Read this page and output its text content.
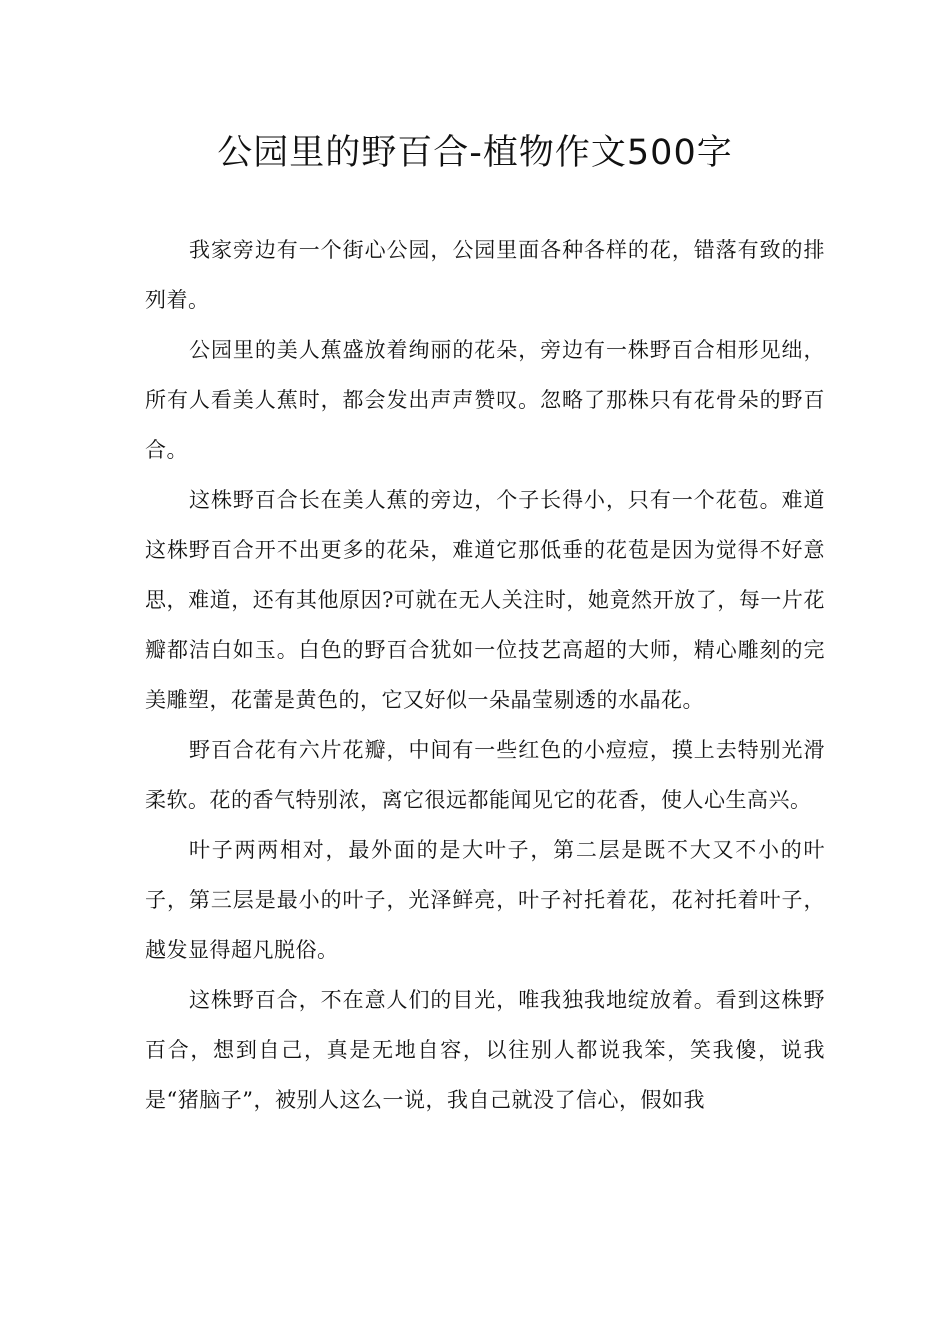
公园里的野百合-植物作文500字

我家旁边有一个街心公园，公园里面各种各样的花，错落有致的排列着。

公园里的美人蕉盛放着绚丽的花朵，旁边有一株野百合相形见绌，所有人看美人蕉时，都会发出声声赞叹。忽略了那株只有花骨朵的野百合。

这株野百合长在美人蕉的旁边，个子长得小，只有一个花苞。难道这株野百合开不出更多的花朵，难道它那低垂的花苞是因为觉得不好意思，难道，还有其他原因?可就在无人关注时，她竟然开放了，每一片花瓣都洁白如玉。白色的野百合犹如一位技艺高超的大师，精心雕刻的完美雕塑，花蕾是黄色的，它又好似一朵晶莹剔透的水晶花。

野百合花有六片花瓣，中间有一些红色的小痘痘，摸上去特别光滑柔软。花的香气特别浓，离它很远都能闻见它的花香，使人心生高兴。

叶子两两相对，最外面的是大叶子，第二层是既不大又不小的叶子，第三层是最小的叶子，光泽鲜亮，叶子衬托着花，花衬托着叶子，越发显得超凡脱俗。

这株野百合，不在意人们的目光，唯我独我地绽放着。看到这株野百合，想到自己，真是无地自容，以往别人都说我笨，笑我傻，说我是“猪脑子”，被别人这么一说，我自己就没了信心，假如我
